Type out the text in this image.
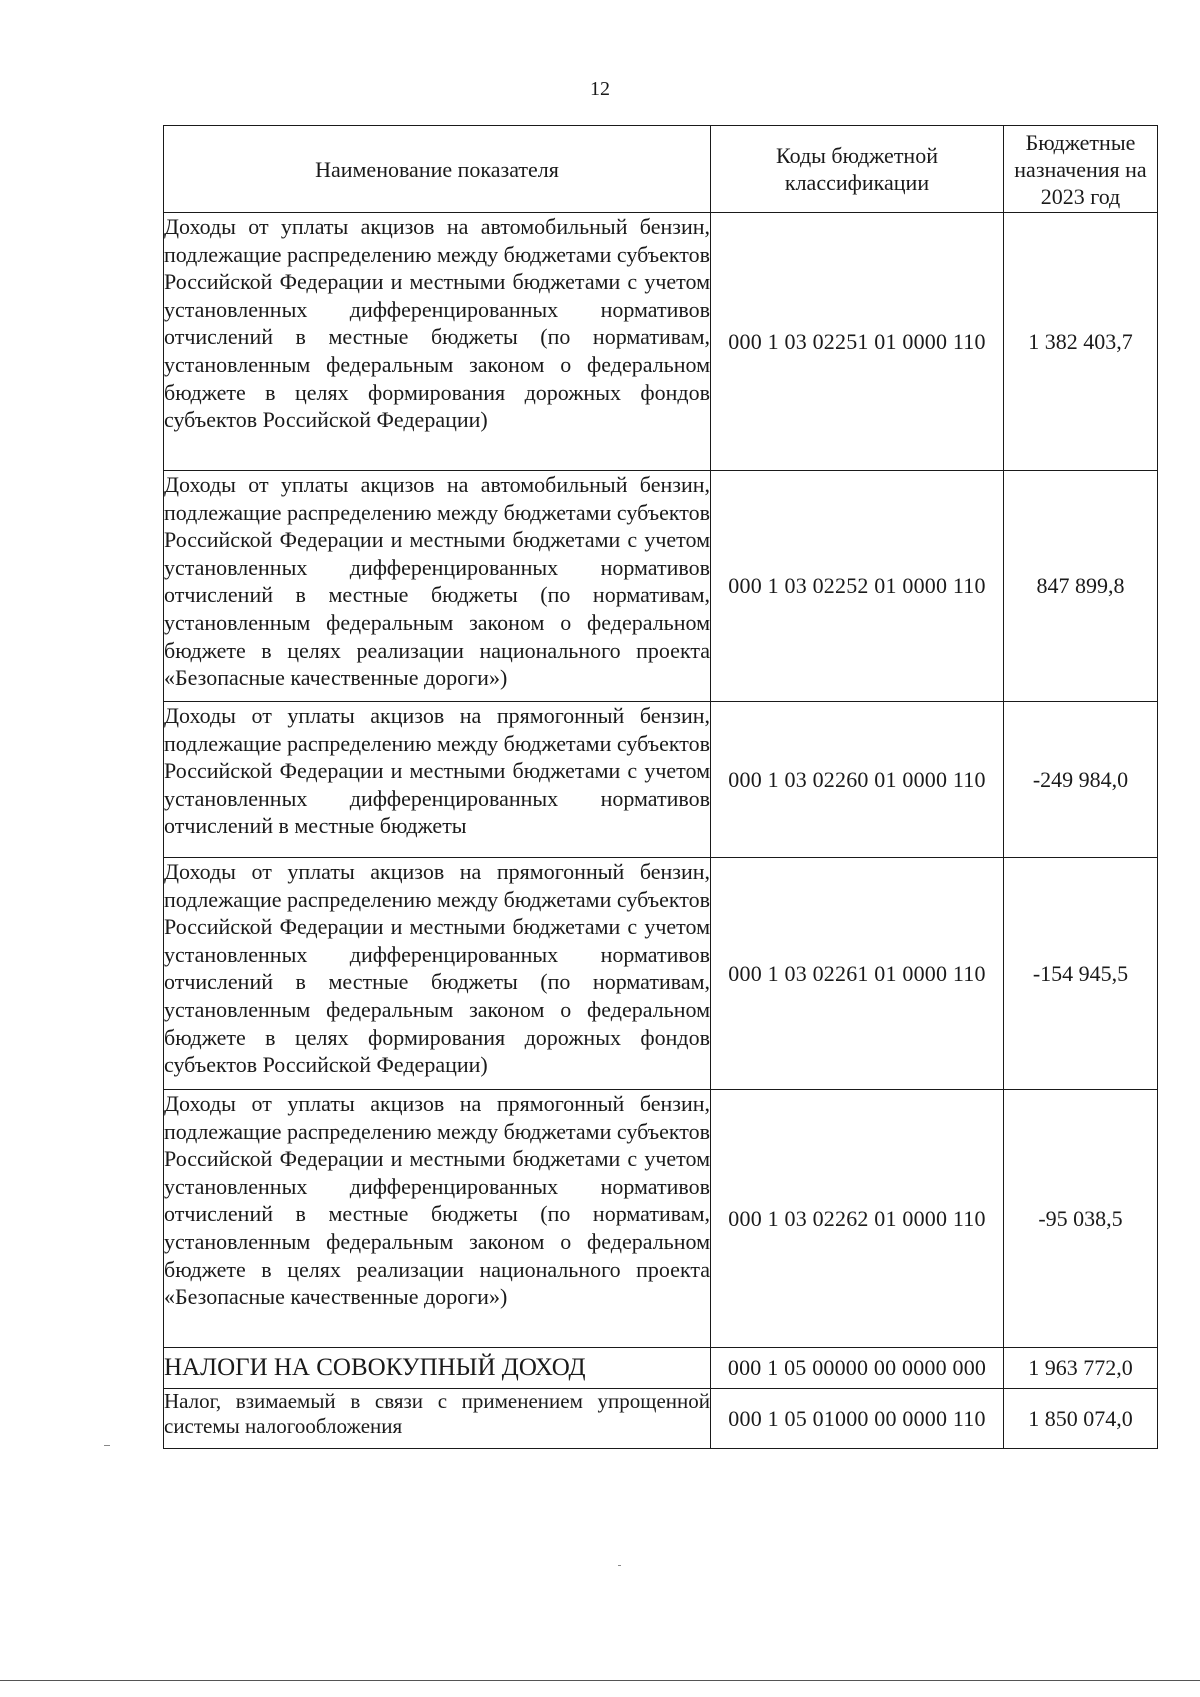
12
Наименование показателя	Коды бюджетной классификации	Бюджетные назначения на 2023 год
Доходы от уплаты акцизов на автомобильный бензин, подлежащие распределению между бюджетами субъектов Российской Федерации и местными бюджетами с учетом установленных дифференцированных нормативов отчислений в местные бюджеты (по нормативам, установленным федеральным законом о федеральном бюджете в целях формирования дорожных фондов субъектов Российской Федерации)	000 1 03 02251 01 0000 110	1 382 403,7
Доходы от уплаты акцизов на автомобильный бензин, подлежащие распределению между бюджетами субъектов Российской Федерации и местными бюджетами с учетом установленных дифференцированных нормативов отчислений в местные бюджеты (по нормативам, установленным федеральным законом о федеральном бюджете в целях реализации национального проекта «Безопасные качественные дороги»)	000 1 03 02252 01 0000 110	847 899,8
Доходы от уплаты акцизов на прямогонный бензин, подлежащие распределению между бюджетами субъектов Российской Федерации и местными бюджетами с учетом установленных дифференцированных нормативов отчислений в местные бюджеты	000 1 03 02260 01 0000 110	-249 984,0
Доходы от уплаты акцизов на прямогонный бензин, подлежащие распределению между бюджетами субъектов Российской Федерации и местными бюджетами с учетом установленных дифференцированных нормативов отчислений в местные бюджеты (по нормативам, установленным федеральным законом о федеральном бюджете в целях формирования дорожных фондов субъектов Российской Федерации)	000 1 03 02261 01 0000 110	-154 945,5
Доходы от уплаты акцизов на прямогонный бензин, подлежащие распределению между бюджетами субъектов Российской Федерации и местными бюджетами с учетом установленных дифференцированных нормативов отчислений в местные бюджеты (по нормативам, установленным федеральным законом о федеральном бюджете в целях реализации национального проекта «Безопасные качественные дороги»)	000 1 03 02262 01 0000 110	-95 038,5
НАЛОГИ НА СОВОКУПНЫЙ ДОХОД	000 1 05 00000 00 0000 000	1 963 772,0
Налог, взимаемый в связи с применением упрощенной системы налогообложения	000 1 05 01000 00 0000 110	1 850 074,0
